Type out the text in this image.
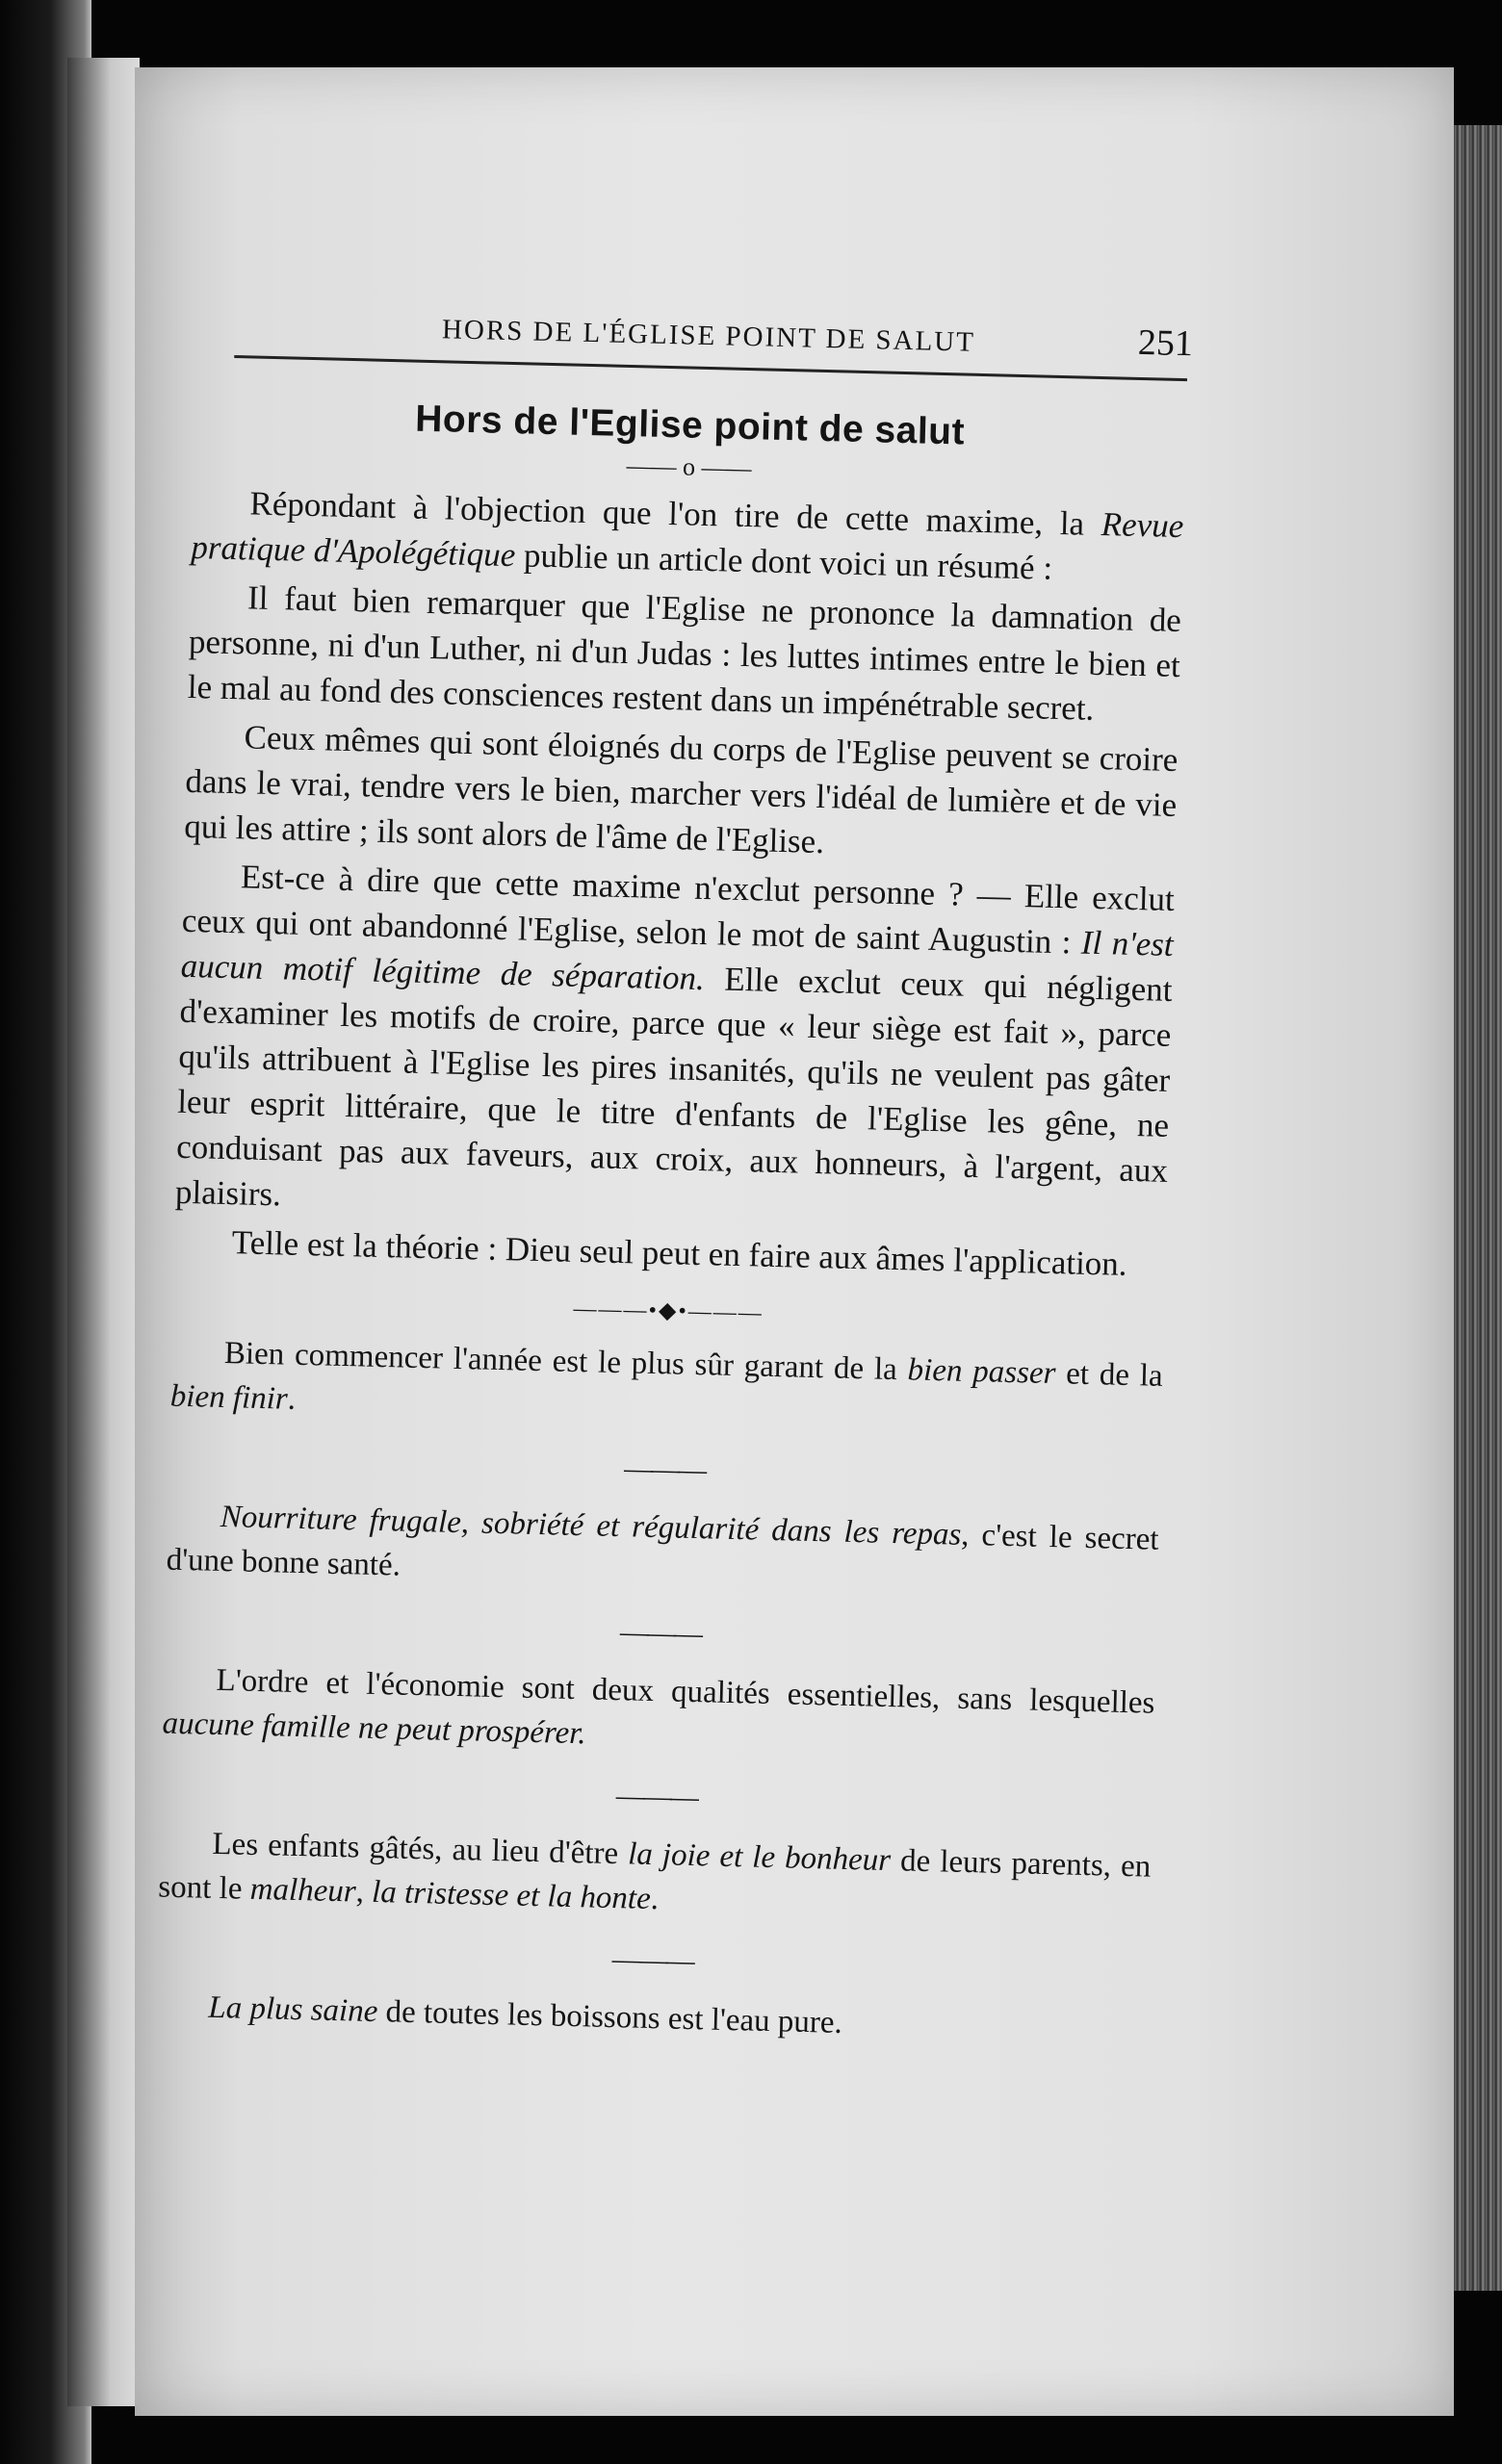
HORS DE L'ÉGLISE POINT DE SALUT	251
Hors de l'Eglise point de salut
—— o ——

Répondant à l'objection que l'on tire de cette maxime, la Revue pratique d'Apolégétique publie un article dont voici un résumé :

Il faut bien remarquer que l'Eglise ne prononce la damnation de personne, ni d'un Luther, ni d'un Judas : les luttes intimes entre le bien et le mal au fond des consciences restent dans un impénétrable secret.

Ceux mêmes qui sont éloignés du corps de l'Eglise peuvent se croire dans le vrai, tendre vers le bien, marcher vers l'idéal de lumière et de vie qui les attire ; ils sont alors de l'âme de l'Eglise.

Est-ce à dire que cette maxime n'exclut personne ? — Elle exclut ceux qui ont abandonné l'Eglise, selon le mot de saint Augustin : Il n'est aucun motif légitime de séparation. Elle exclut ceux qui négligent d'examiner les motifs de croire, parce que « leur siège est fait », parce qu'ils attribuent à l'Eglise les pires insanités, qu'ils ne veulent pas gâter leur esprit littéraire, que le titre d'enfants de l'Eglise les gêne, ne conduisant pas aux faveurs, aux croix, aux honneurs, à l'argent, aux plaisirs.

Telle est la théorie : Dieu seul peut en faire aux âmes l'application.

———•◆•———

Bien commencer l'année est le plus sûr garant de la bien passer et de la bien finir.

———

Nourriture frugale, sobriété et régularité dans les repas, c'est le secret d'une bonne santé.

———

L'ordre et l'économie sont deux qualités essentielles, sans lesquelles aucune famille ne peut prospérer.

———

Les enfants gâtés, au lieu d'être la joie et le bonheur de leurs parents, en sont le malheur, la tristesse et la honte.

———

La plus saine de toutes les boissons est l'eau pure.
